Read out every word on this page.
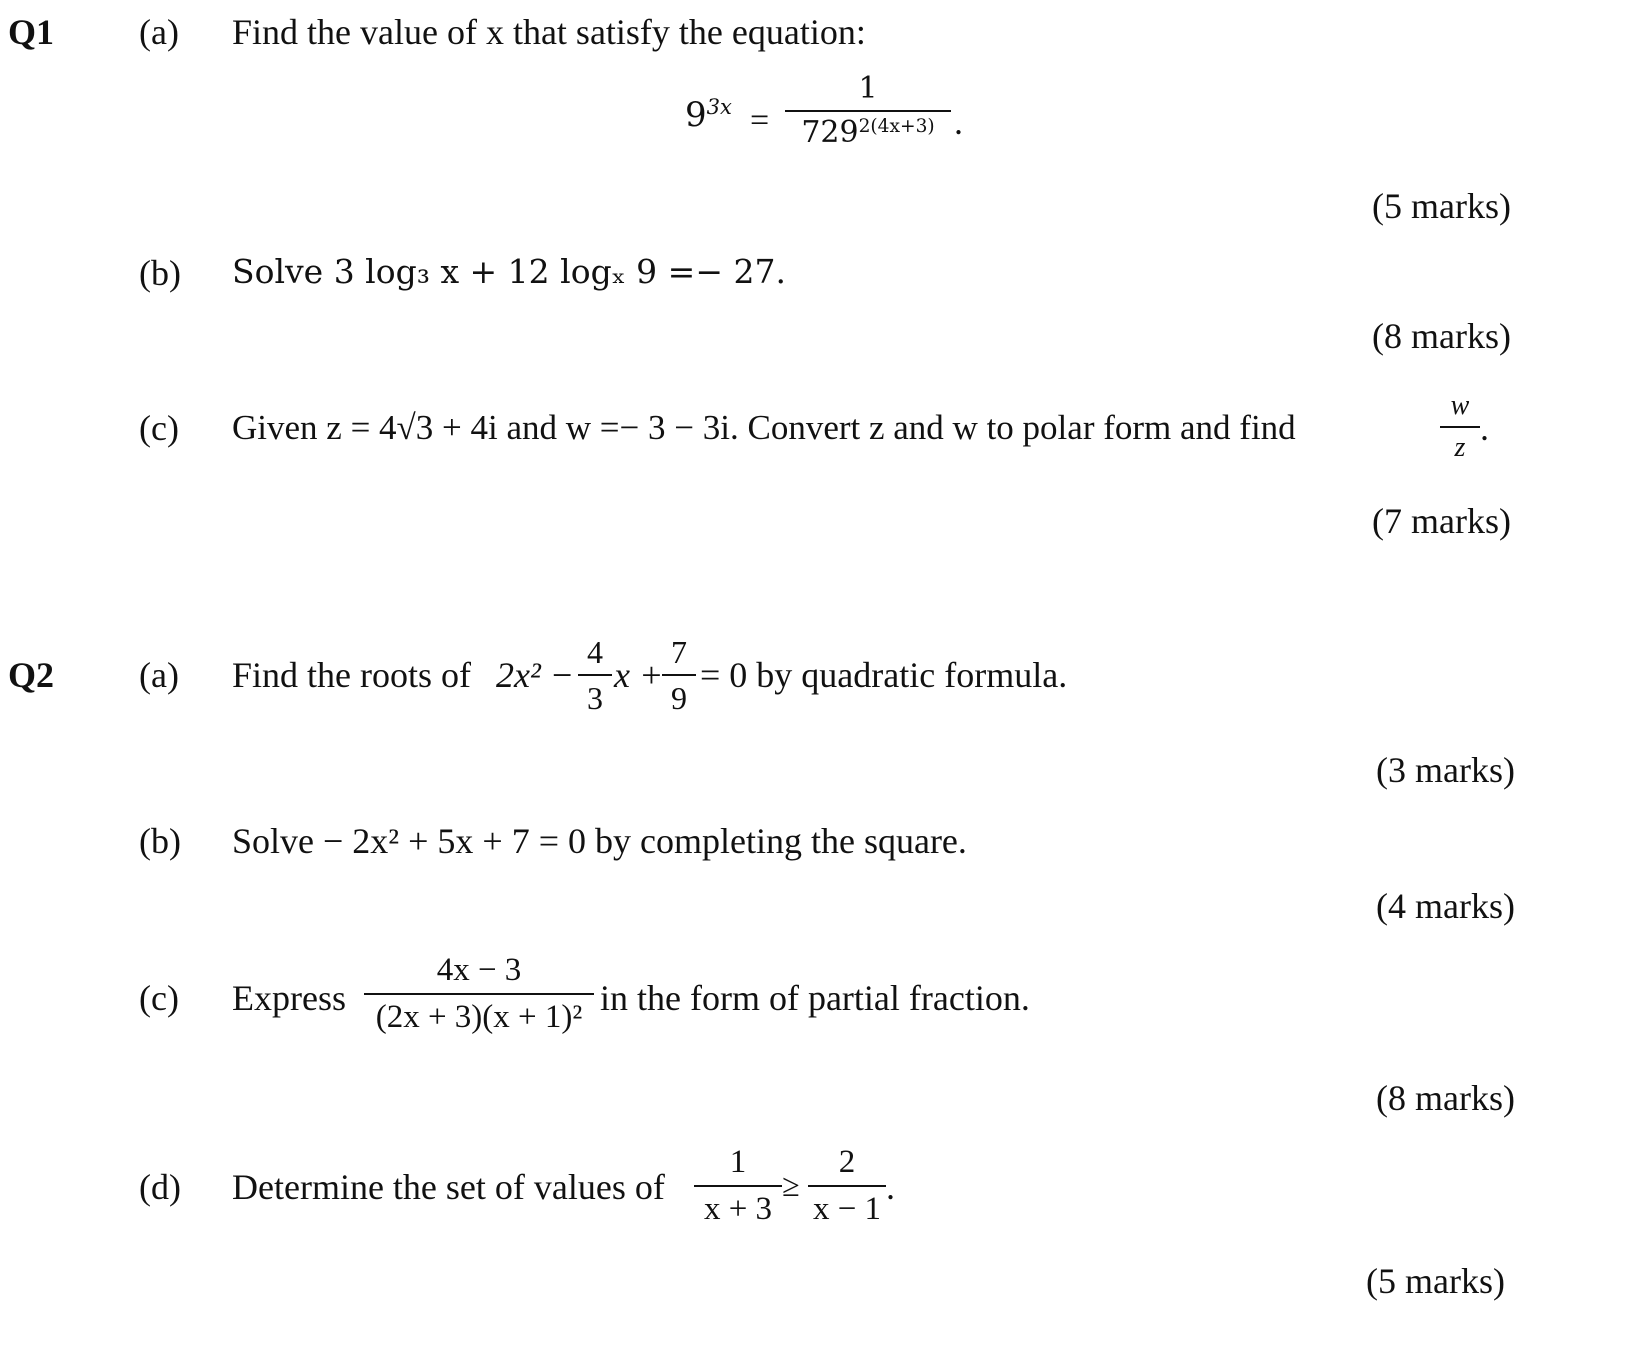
Q1 (a) Find the value of x that satisfy the equation:
$9^{3x}$ =
1
$729^{2(4x+3)}$ .
(5 marks)
(b) Solve 3 log₃ x + 12 logₓ 9 =− 27.
(8 marks)
(c) Given z = 4√3 + 4i and w =− 3 − 3i. Convert z and w to polar form and find
w
z .
(7 marks)
Q2 (a) Find the roots of 2x² −
4
3
x +
7
9
= 0 by quadratic formula.
(3 marks)
(b) Solve − 2x² + 5x + 7 = 0 by completing the square.
(4 marks)
(c) Express
4x − 3
(2x + 3)(x + 1)² in the form of partial fraction.
(8 marks)
(d) Determine the set of values of
1
x + 3
≥
2
x − 1
.
(5 marks)
